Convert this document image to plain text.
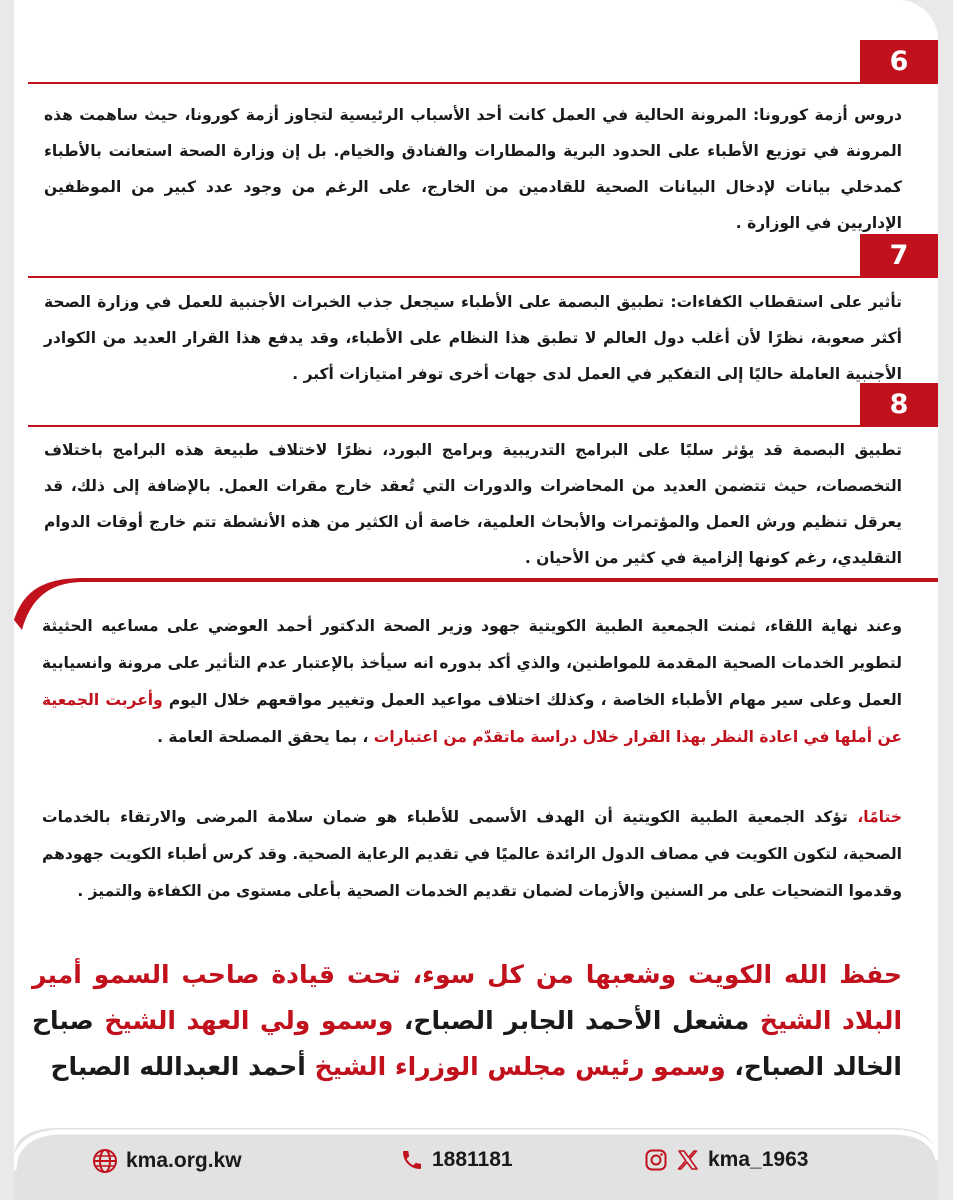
6
دروس أزمة كورونا: المرونة الحالية في العمل كانت أحد الأسباب الرئيسية لتجاوز أزمة كورونا، حيث ساهمت هذه المرونة في توزيع الأطباء على الحدود البرية والمطارات والفنادق والخيام. بل إن وزارة الصحة استعانت بالأطباء كمدخلي بيانات لإدخال البيانات الصحية للقادمين من الخارج، على الرغم من وجود عدد كبير من الموظفين الإداريين في الوزارة .
7
تأثير على استقطاب الكفاءات: تطبيق البصمة على الأطباء سيجعل جذب الخبرات الأجنبية للعمل في وزارة الصحة أكثر صعوبة، نظرًا لأن أغلب دول العالم لا تطبق هذا النظام على الأطباء، وقد يدفع هذا القرار العديد من الكوادر الأجنبية العاملة حاليًا إلى التفكير في العمل لدى جهات أخرى توفر امتيازات أكبر .
8
تطبيق البصمة قد يؤثر سلبًا على البرامج التدريبية وبرامج البورد، نظرًا لاختلاف طبيعة هذه البرامج باختلاف التخصصات، حيث تتضمن العديد من المحاضرات والدورات التي تُعقد خارج مقرات العمل. بالإضافة إلى ذلك، قد يعرقل تنظيم ورش العمل والمؤتمرات والأبحاث العلمية، خاصة أن الكثير من هذه الأنشطة تتم خارج أوقات الدوام التقليدي، رغم كونها إلزامية في كثير من الأحيان .
وعند نهاية اللقاء، ثمنت الجمعية الطبية الكويتية جهود وزير الصحة الدكتور أحمد العوضي على مساعيه الحثيثة لتطوير الخدمات الصحية المقدمة للمواطنين، والذي أكد بدوره انه سيأخذ بالإعتبار عدم التأثير على مرونة وانسيابية العمل وعلى سير مهام الأطباء الخاصة ، وكذلك اختلاف مواعيد العمل وتغيير مواقعهم خلال اليوم وأعربت الجمعية عن أملها في اعادة النظر بهذا القرار خلال دراسة ماتقدّم من اعتبارات ، بما يحقق المصلحة العامة .
ختامًا، تؤكد الجمعية الطبية الكويتية أن الهدف الأسمى للأطباء هو ضمان سلامة المرضى والارتقاء بالخدمات الصحية، لتكون الكويت في مصاف الدول الرائدة عالميًا في تقديم الرعاية الصحية. وقد كرس أطباء الكويت جهودهم وقدموا التضحيات على مر السنين والأزمات لضمان تقديم الخدمات الصحية بأعلى مستوى من الكفاءة والتميز .
حفظ الله الكويت وشعبها من كل سوء، تحت قيادة صاحب السمو أمير البلاد الشيخ مشعل الأحمد الجابر الصباح، وسمو ولي العهد الشيخ صباح الخالد الصباح، وسمو رئيس مجلس الوزراء الشيخ أحمد العبدالله الصباح
kma.org.kw	1881181	kma_1963
